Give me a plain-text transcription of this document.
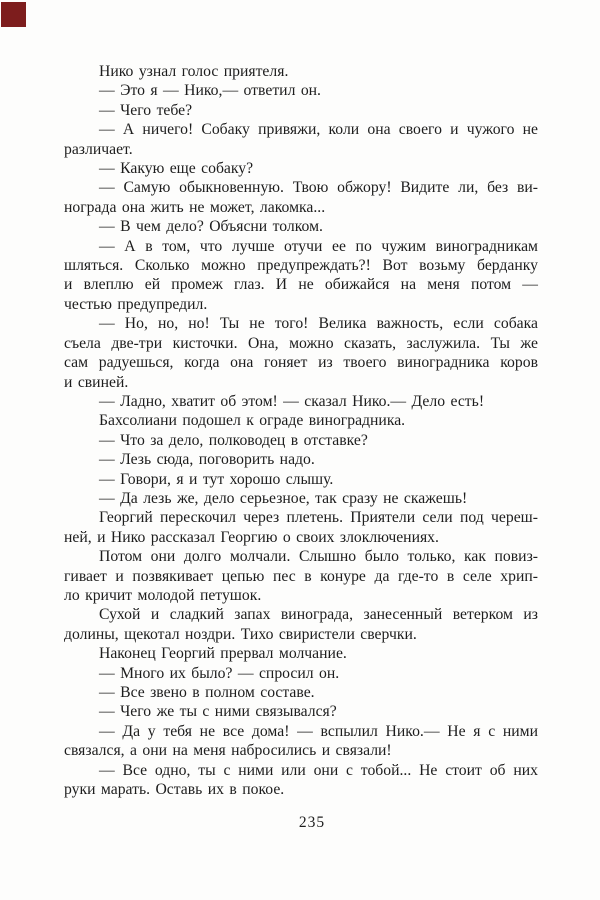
Нико узнал голос приятеля.
— Это я — Нико,— ответил он.
— Чего тебе?
— А ничего! Собаку привяжи, коли она своего и чужого не
различает.
— Какую еще собаку?
— Самую обыкновенную. Твою обжору! Видите ли, без ви-
нограда она жить не может, лакомка...
— В чем дело? Объясни толком.
— А в том, что лучше отучи ее по чужим виноградникам
шляться. Сколько можно предупреждать?! Вот возьму берданку
и влеплю ей промеж глаз. И не обижайся на меня потом —
честью предупредил.
— Но, но, но! Ты не того! Велика важность, если собака
съела две-три кисточки. Она, можно сказать, заслужила. Ты же
сам радуешься, когда она гоняет из твоего виноградника коров
и свиней.
— Ладно, хватит об этом! — сказал Нико.— Дело есть!
Бахсолиани подошел к ограде виноградника.
— Что за дело, полководец в отставке?
— Лезь сюда, поговорить надо.
— Говори, я и тут хорошо слышу.
— Да лезь же, дело серьезное, так сразу не скажешь!
Георгий перескочил через плетень. Приятели сели под череш-
ней, и Нико рассказал Георгию о своих злоключениях.
Потом они долго молчали. Слышно было только, как повиз-
гивает и позвякивает цепью пес в конуре да где-то в селе хрип-
ло кричит молодой петушок.
Сухой и сладкий запах винограда, занесенный ветерком из
долины, щекотал ноздри. Тихо свиристели сверчки.
Наконец Георгий прервал молчание.
— Много их было? — спросил он.
— Все звено в полном составе.
— Чего же ты с ними связывался?
— Да у тебя не все дома! — вспылил Нико.— Не я с ними
связался, а они на меня набросились и связали!
— Все одно, ты с ними или они с тобой... Не стоит об них
руки марать. Оставь их в покое.
235
